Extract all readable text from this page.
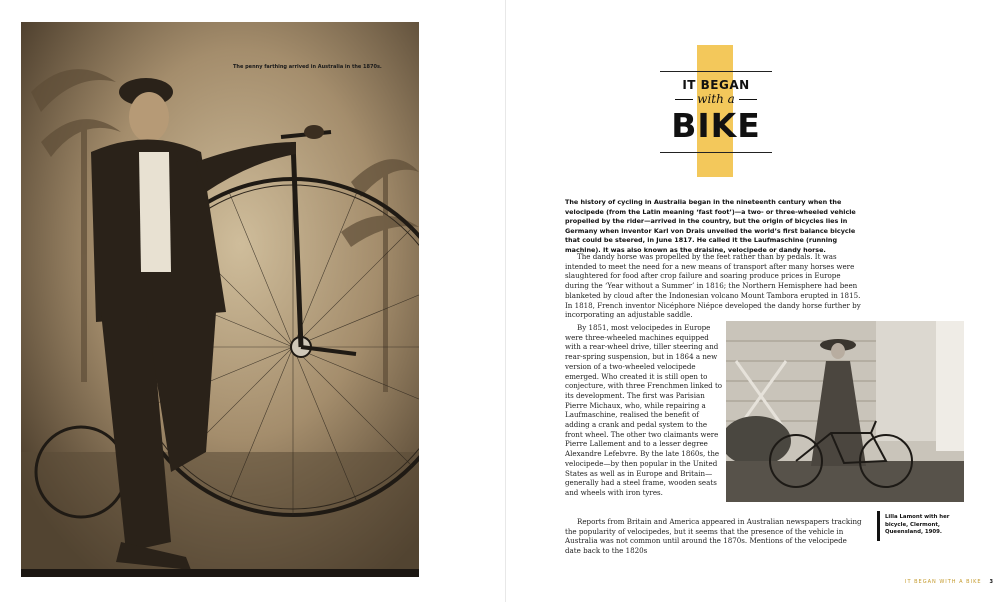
The penny farthing arrived in Australia in the 1870s.
IT BEGAN
with a
BIKE

The history of cycling in Australia began in the nineteenth century when the velocipede (from the Latin meaning ‘fast foot’)—a two- or three-wheeled vehicle propelled by the rider—arrived in the country, but the origin of bicycles lies in Germany when inventor Karl von Drais unveiled the world’s first balance bicycle that could be steered, in June 1817. He called it the Laufmaschine (running machine). It was also known as the draisine, velocipede or dandy horse.

The dandy horse was propelled by the feet rather than by pedals. It was intended to meet the need for a new means of transport after many horses were slaughtered for food after crop failure and soaring produce prices in Europe during the ‘Year without a Summer’ in 1816; the Northern Hemisphere had been blanketed by cloud after the Indonesian volcano Mount Tambora erupted in 1815. In 1818, French inventor Nicéphore Niépce developed the dandy horse further by incorporating an adjustable saddle.

By 1851, most velocipedes in Europe were three-wheeled machines equipped with a rear-wheel drive, tiller steering and rear-spring suspension, but in 1864 a new version of a two-wheeled velocipede emerged. Who created it is still open to conjecture, with three Frenchmen linked to its development. The first was Parisian Pierre Michaux, who, while repairing a Laufmaschine, realised the benefit of adding a crank and pedal system to the front wheel. The other two claimants were Pierre Lallement and to a lesser degree Alexandre Lefebvre. By the late 1860s, the velocipede—by then popular in the United States as well as in Europe and Britain—generally had a steel frame, wooden seats and wheels with iron tyres.

Reports from Britain and America appeared in Australian newspapers tracking the popularity of velocipedes, but it seems that the presence of the vehicle in Australia was not common until around the 1870s. Mentions of the velocipede date back to the 1820s

Lilla Lamont with her bicycle, Clermont, Queensland, 1909.
IT BEGAN WITH A BIKE 3
